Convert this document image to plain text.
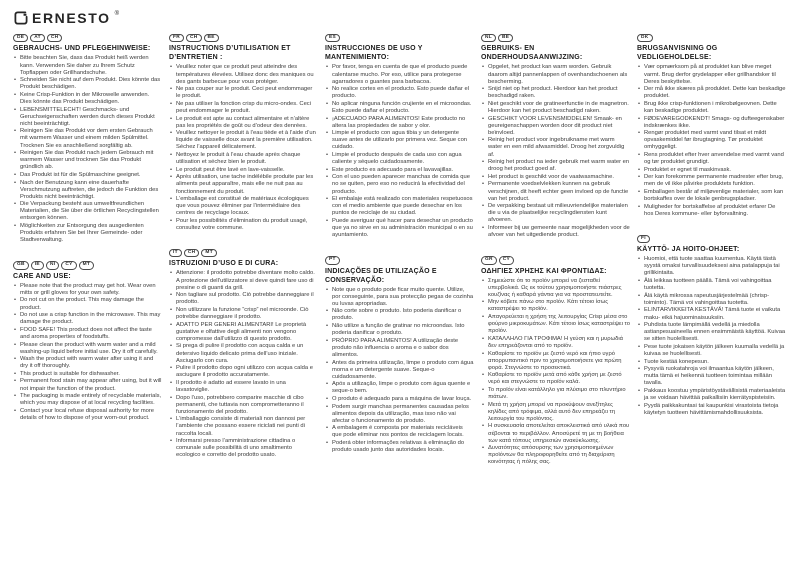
ERNESTO ®
DE AT CH
GEBRAUCHS- UND PFLEGEHINWEISE:
• Bitte beachten Sie, dass das Produkt heiß werden kann. Verwenden Sie daher zu Ihrem Schutz Topflappen oder Grillhandschuhe.
• Schneiden Sie nicht auf dem Produkt. Dies könnte das Produkt beschädigen.
• Keine Crisp-Funktion in der Mikrowelle anwenden. Dies könnte das Produkt beschädigen.
• LEBENSMITTELECHT! Geschmacks- und Geruchseigenschaften werden durch dieses Produkt nicht beeinträchtigt.
• Reinigen Sie das Produkt vor dem ersten Gebrauch mit warmem Wasser und einem milden Spülmittel. Trocknen Sie es anschließend sorgfältig ab.
• Reinigen Sie das Produkt nach jedem Gebrauch mit warmem Wasser und trocknen Sie das Produkt gründlich ab.
• Das Produkt ist für die Spülmaschine geeignet.
• Nach der Benutzung kann eine dauerhafte Verschmutzung auftreten, die jedoch die Funktion des Produkts nicht beeinträchtigt.
• Die Verpackung besteht aus umweltfreundlichen Materialien, die Sie über die örtlichen Recyclingstellen entsorgen können.
• Möglichkeiten zur Entsorgung des ausgedienten Produkts erfahren Sie bei Ihrer Gemeinde- oder Stadtverwaltung.
GB IE NI CY MT
CARE AND USE:
• Please note that the product may get hot. Wear oven mitts or grill gloves for your own safety.
• Do not cut on the product. This may damage the product.
• Do not use a crisp function in the microwave. This may damage the product.
• FOOD SAFE! This product does not affect the taste and aroma properties of foodstuffs.
• Please clean the product with warm water and a mild washing-up liquid before initial use. Dry it off carefully.
• Wash the product with warm water after using it and dry it off thoroughly.
• This product is suitable for dishwasher.
• Permanent food stain may appear after using, but it will not impair the function of the product.
• The packaging is made entirely of recyclable materials, which you may dispose of at local recycling facilities.
• Contact your local refuse disposal authority for more details of how to dispose of your worn-out product.
FR CH BE
INSTRUCTIONS D’UTILISATION ET D’ENTRETIEN :
• Veuillez noter que ce produit peut atteindre des températures élevées. Utilisez donc des maniques ou des gants barbecue pour vous protéger.
• Ne pas couper sur le produit. Ceci peut endommager le produit.
• Ne pas utiliser la fonction crisp du micro-ondes. Ceci peut endommager le produit.
• Le produit est apte au contact alimentaire et n’altère pas les propriétés de goût ou d’odeur des denrées.
• Veuillez nettoyer le produit à l’eau tiède et à l’aide d’un liquide de vaisselle doux avant la première utilisation. Séchez l’appareil délicatement.
• Nettoyez le produit à l’eau chaude après chaque utilisation et séchez bien le produit.
• Le produit peut être lavé en lave-vaisselle.
• Après utilisation, une tache indélébile produite par les aliments peut apparaître, mais elle ne nuit pas au fonctionnement du produit.
• L’emballage est constitué de matériaux écologiques que vous pouvez éliminer par l’intermédiaire des centres de recyclage locaux.
• Pour les possibilités d’élimination du produit usagé, consultez votre commune.
IT CH MT
ISTRUZIONI D’USO E DI CURA:
• Attenzione: il prodotto potrebbe diventare molto caldo. A protezione dell’utilizzatore si deve quindi fare uso di presine o di guanti da grill.
• Non tagliare sul prodotto. Ciò potrebbe danneggiare il prodotto.
• Non utilizzare la funzione “crisp” nel microonde. Ciò potrebbe danneggiare il prodotto.
• ADATTO PER GENERI ALIMENTARI! Le proprietà gustative e olfattive degli alimenti non vengono compromesse dall’utilizzo di questo prodotto.
• Si prega di pulire il prodotto con acqua calda e un detersivo liquido delicato prima dell’uso iniziale. Asciugarlo con cura.
• Pulire il prodotto dopo ogni utilizzo con acqua calda e asciugare il prodotto accuratamente.
• Il prodotto è adatto ad essere lavato in una lavastoviglie.
• Dopo l’uso, potrebbero comparire macchie di cibo permanenti, che tuttavia non comprometteranno il funzionamento del prodotto.
• L’imballaggio consiste di materiali non dannosi per l’ambiente che possano essere riciclati nei punti di raccolta locali.
• Informarsi presso l’amministrazione cittadina o comunale sulle possibilità di uno smaltimento ecologico e corretto del prodotto usato.
ES
INSTRUCCIONES DE USO Y MANTENIMIENTO:
• Por favor, tenga en cuenta de que el producto puede calentarse mucho. Por eso, utilice para protegerse agarradores o guantes para barbacoa.
• No realice cortes en el producto. Esto puede dañar el producto.
• No aplicar ninguna función crujiente en el microondas. Esto puede dañar el producto.
• ¡ADECUADO PARA ALIMENTOS! Este producto no altera las propiedades de sabor y olor.
• Limpie el producto con agua tibia y un detergente suave antes de utilizarlo por primera vez. Seque con cuidado.
• Limpie el producto después de cada uso con agua caliente y séquelo cuidadosamente.
• Este producto es adecuado para el lavavajillas.
• Con el uso pueden aparecer manchas de comida que no se quiten, pero eso no reducirá la efectividad del producto.
• El embalaje está realizado con materiales respetuosos con el medio ambiente que puede desechar en los puntos de reciclaje de su ciudad.
• Puede averiguar qué hacer para desechar un producto que ya no sirve en su administración municipal o en su ayuntamiento.
PT
INDICAÇÕES DE UTILIZAÇÃO E CONSERVAÇÃO:
• Note que o produto pode ficar muito quente. Utilize, por conseguinte, para sua protecção pegas de cozinha ou luvas apropriadas.
• Não corte sobre o produto. Isto poderia danificar o produto.
• Não utilize a função de gratinar no microondas. Isto poderia danificar o produto.
• PRÓPRIO PARA ALIMENTOS! A utilização deste produto não influencia o aroma e o sabor dos alimentos.
• Antes da primeira utilização, limpe o produto com água morna e um detergente suave. Seque-o cuidadosamente.
• Após a utilização, limpe o produto com água quente e seque-o bem.
• O produto é adequado para a máquina de lavar louça.
• Podem surgir manchas permanentes causadas pelos alimentos depois da utilização, mas isso não vai afectar o funcionamento do produto.
• A embalagem é composta por materiais recicláveis que pode eliminar nos pontos de reciclagem locais.
• Poderá obter informações relativas à eliminação do produto usado junto das autoridades locais.
NL BE
GEBRUIKS- EN ONDERHOUDSAANWIJZING:
• Opgelet, het product kan warm worden. Gebruik daarom altijd pannenlappen of ovenhandschoenen als bescherming.
• Snijd niet op het product. Hierdoor kan het product beschadigd raken.
• Niet geschikt voor de gratineerfunctie in de magnetron. Hierdoor kan het product beschadigd raken.
• GESCHIKT VOOR LEVENSMIDDELEN! Smaak- en geureigenschappen worden door dit product niet beïnvloed.
• Reinig het product voor ingebruikname met warm water en een mild afwasmiddel. Droog het zorgvuldig af.
• Reinig het product na ieder gebruik met warm water en droog het product goed af.
• Het product is geschikt voor de vaatwasmachine.
• Permanente voedselvlekken kunnen na gebruik verschijnen, dit heeft echter geen invloed op de functie van het product.
• De verpakking bestaat uit milieuvriendelijke materialen die u via de plaatselijke recyclingdiensten kunt afvoeren.
• Informeer bij uw gemeente naar mogelijkheden voor de afvoer van het uitgediende product.
GR CY
ΟΔΗΓΙΕΣ ΧΡΗΣΗΣ ΚΑΙ ΦΡΟΝΤΙΔΑΣ:
• Σημειώστε ότι το προϊόν μπορεί να ζεσταθεί υπερβολικά. Ως εκ τούτου χρησιμοποιήστε πιάστρες κουζίνας ή καθαρά γάντια για να προστατευτείτε.
• Μην κόβετε πάνω στο προϊόν. Κάτι τέτοιο ίσως καταστρέψει το προϊόν.
• Απαγορεύεται η χρήση της λειτουργίας Crisp μέσα στο φούρνο μικροκυμάτων. Κάτι τέτοιο ίσως καταστρέψει το προϊόν.
• ΚΑΤΑΛΛΗΛΟ ΓΙΑ ΤΡΟΦΙΜΑ! Η γεύση και η μυρωδιά δεν επηρεάζονται από το προϊόν.
• Καθαρίστε το προϊόν με ζεστό νερό και ήπιο υγρό απορρυπαντικό πριν το χρησιμοποιήσετε για πρώτη φορά. Στεγνώστε το προσεκτικά.
• Καθαρίστε το προϊόν μετά από κάθε χρήση με ζεστό νερό και στεγνώστε το προϊόν καλά.
• Το προϊόν είναι κατάλληλο για πλύσιμο στο πλυντήριο πιάτων.
• Μετά τη χρήση μπορεί να προκύψουν ανεξίτηλες κηλίδες από τρόφιμα, αλλά αυτό δεν επηρεάζει τη λειτουργία του προϊόντος.
• Η συσκευασία αποτελείται αποκλειστικά από υλικά που σέβονται το περιβάλλον. Αποσύρετέ τη με τη βοήθεια των κατά τόπους υπηρεσιών ανακύκλωσης.
• Δυνατότητες απόσυρσης των χρησιμοποιημένων προϊόντων θα πληροφορηθείτε από τη διαχείριση κοινότητας ή πόλης σας.
DK
BRUGSANVISNING OG VEDLIGEHOLDELSE:
• Vær opmærksom på at produktet kan blive meget varmt. Brug derfor grydelapper eller grillhandsker til Deres beskyttelse.
• Der må ikke skæres på produktet. Dette kan beskadige produktet.
• Brug ikke crisp-funktionen i mikrobølgeovnen. Dette kan beskadige produktet.
• FØDEVAREGODKENDT! Smags- og dufteegenskaber indskrænkes ikke.
• Rengør produktet med varmt vand tilsat et mildt opvaskemiddel før ibrugtagning. Tør produktet omhyggeligt.
• Rens produktet efter hver anvendelse med varmt vand og tør produktet grundigt.
• Produktet er egnet til maskinvask.
• Der kan forekomme permanente madrester efter brug, men de vil ikke påvirke produktets funktion.
• Emballagen består af miljøvenlige materialer, som kan bortskaffes over de lokale genbrugspladser.
• Muligheder for bortskaffelse af produktet erfarer De hos Deres kommune- eller byforvaltning.
FI
KÄYTTÖ- JA HOITO-OHJEET:
• Huomioi, että tuote saattaa kuumentua. Käytä tästä syystä omaksi turvallisuudeksesi aina patalappuja tai grillikintaita.
• Älä leikkaa tuotteen päällä. Tämä voi vahingoittaa tuotetta.
• Älä käytä mikrossa rapeutusjärjestelmää (chrisp-toiminto). Tämä voi vahingoittaa tuotetta.
• ELINTARVIKKEITA KESTÄVÄ! Tämä tuote ei vaikuta maku- eikä hajuominaisuuksiin.
• Puhdista tuote lämpimällä vedellä ja miedolla astianpesuaineella ennen ensimmäistä käyttöä. Kuivaa se sitten huolellisesti.
• Pese tuote jokaisen käytön jälkeen kuumalla vedellä ja kuivaa se huolellisesti.
• Tuote kestää konepesun.
• Pysyviä ruokatahroja voi ilmaantua käytön jälkeen, mutta tämä ei heikennä tuotteen toimintaa millään tavalla.
• Pakkaus koostuu ympäristöystävällisistä materiaaleista ja se voidaan hävittää paikallisiin kierrätyspisteisiin.
• Pyydä paikkakuntasi tai kaupunkisi virastoista tietoja käytetyn tuotteen hävittämismahdollisuuksista.
